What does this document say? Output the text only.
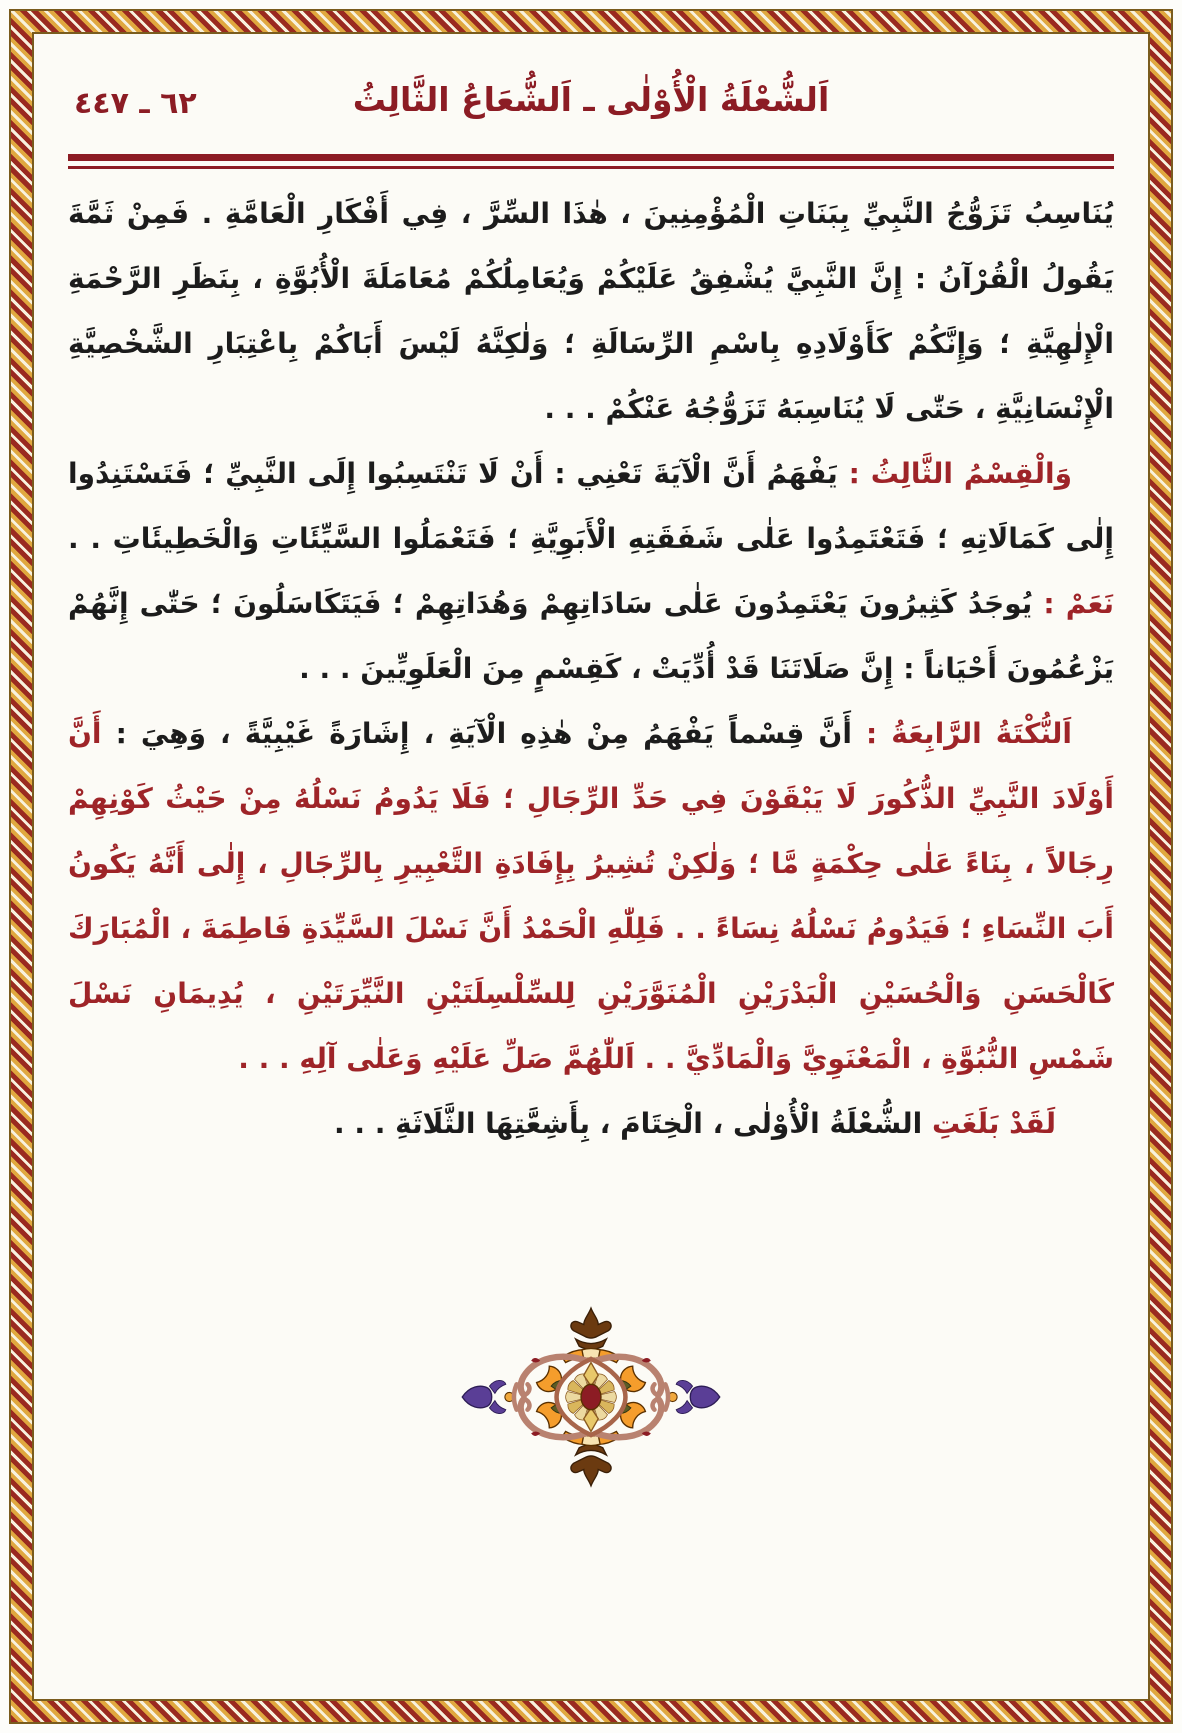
٦٢ ـ ٤٤٧	اَلشُّعْلَةُ الْأُوْلٰى ـ اَلشُّعَاعُ الثَّالِثُ

يُنَاسِبُ تَزَوُّجُ النَّبِيِّ بِبَنَاتِ الْمُؤْمِنِينَ ، هٰذَا السِّرَّ ، فِي أَفْكَارِ الْعَامَّةِ . فَمِنْ ثَمَّةَ يَقُولُ الْقُرْآنُ : إِنَّ النَّبِيَّ يُشْفِقُ عَلَيْكُمْ وَيُعَامِلُكُمْ مُعَامَلَةَ الْأُبُوَّةِ ، بِنَظَرِ الرَّحْمَةِ الْإِلٰهِيَّةِ ؛ وَإِنَّكُمْ كَأَوْلَادِهِ بِاسْمِ الرِّسَالَةِ ؛ وَلٰكِنَّهُ لَيْسَ أَبَاكُمْ بِاعْتِبَارِ الشَّخْصِيَّةِ الْإِنْسَانِيَّةِ ، حَتّٰى لَا يُنَاسِبَهُ تَزَوُّجُهُ عَنْكُمْ . . .

وَالْقِسْمُ الثَّالِثُ : يَفْهَمُ أَنَّ الْآيَةَ تَعْنِي : أَنْ لَا تَنْتَسِبُوا إِلَى النَّبِيِّ ؛ فَتَسْتَنِدُوا إِلٰى كَمَالَاتِهِ ؛ فَتَعْتَمِدُوا عَلٰى شَفَقَتِهِ الْأَبَوِيَّةِ ؛ فَتَعْمَلُوا السَّيِّئَاتِ وَالْخَطِيئَاتِ . . نَعَمْ : يُوجَدُ كَثِيرُونَ يَعْتَمِدُونَ عَلٰى سَادَاتِهِمْ وَهُدَاتِهِمْ ؛ فَيَتَكَاسَلُونَ ؛ حَتّٰى إِنَّهُمْ يَزْعُمُونَ أَحْيَاناً : إِنَّ صَلَاتَنَا قَدْ أُدِّيَتْ ، كَقِسْمٍ مِنَ الْعَلَوِيِّينَ . . .

اَلنُّكْتَةُ الرَّابِعَةُ : أَنَّ قِسْماً يَفْهَمُ مِنْ هٰذِهِ الْآيَةِ ، إِشَارَةً غَيْبِيَّةً ، وَهِيَ : أَنَّ أَوْلَادَ النَّبِيِّ الذُّكُورَ لَا يَبْقَوْنَ فِي حَدِّ الرِّجَالِ ؛ فَلَا يَدُومُ نَسْلُهُ مِنْ حَيْثُ كَوْنِهِمْ رِجَالاً ، بِنَاءً عَلٰى حِكْمَةٍ مَّا ؛ وَلٰكِنْ تُشِيرُ بِإِفَادَةِ التَّعْبِيرِ بِالرِّجَالِ ، إِلٰى أَنَّهُ يَكُونُ أَبَ النِّسَاءِ ؛ فَيَدُومُ نَسْلُهُ نِسَاءً . . فَلِلّٰهِ الْحَمْدُ أَنَّ نَسْلَ السَّيِّدَةِ فَاطِمَةَ ، الْمُبَارَكَ كَالْحَسَنِ وَالْحُسَيْنِ الْبَدْرَيْنِ الْمُنَوَّرَيْنِ لِلسِّلْسِلَتَيْنِ النَّيِّرَتَيْنِ ، يُدِيمَانِ نَسْلَ شَمْسِ النُّبُوَّةِ ، الْمَعْنَوِيَّ وَالْمَادِّيَّ . . اَللّٰهُمَّ صَلِّ عَلَيْهِ وَعَلٰى آلِهِ . . .

لَقَدْ بَلَغَتِ الشُّعْلَةُ الْأُوْلٰى ، الْخِتَامَ ، بِأَشِعَّتِهَا الثَّلَاثَةِ . . .
